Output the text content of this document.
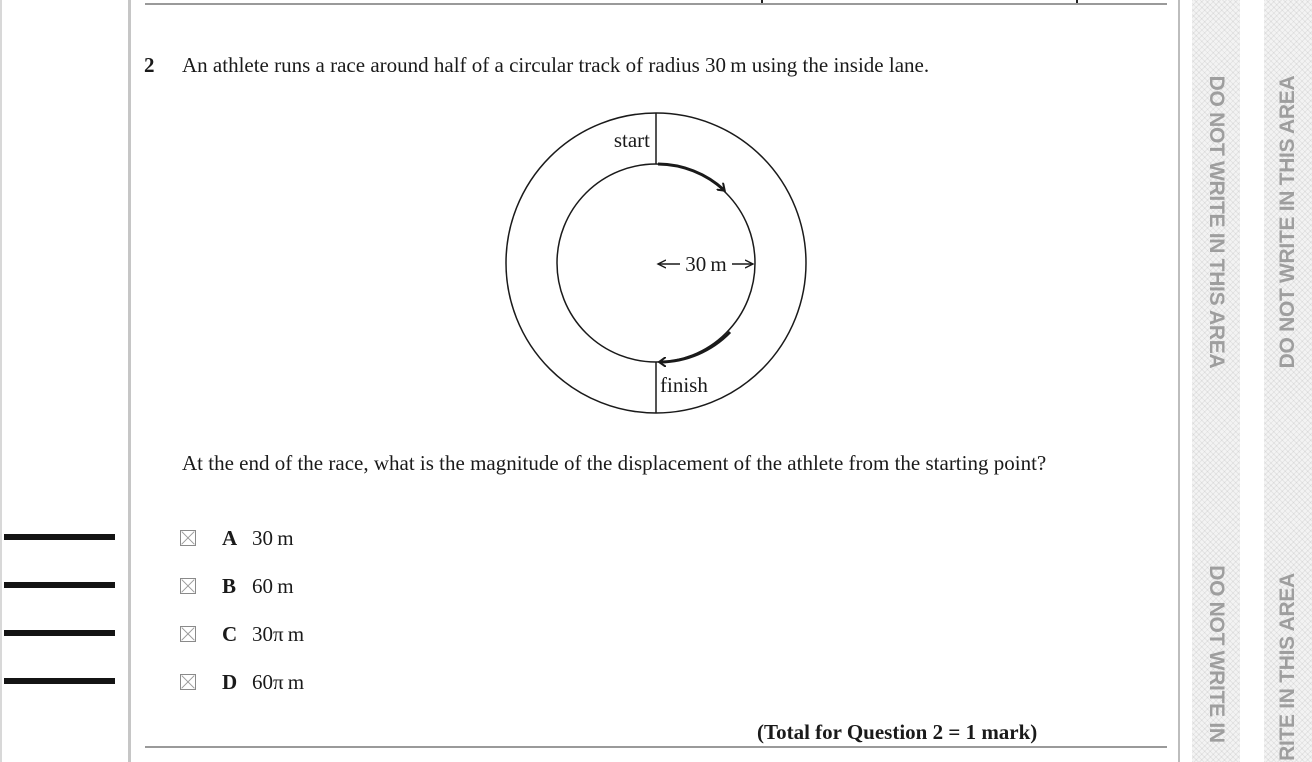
2 An athlete runs a race around half of a circular track of radius 30 m using the inside lane.
30 m
start
finish
At the end of the race, what is the magnitude of the displacement of the athlete from the starting point?
A 30 m
B 60 m
C 30π m
D 60π m
(Total for Question 2 = 1 mark)
DO NOT WRITE IN THIS AREA
DO NOT WRITE IN
DO NOT WRITE IN THIS AREA
RITE IN THIS AREA
